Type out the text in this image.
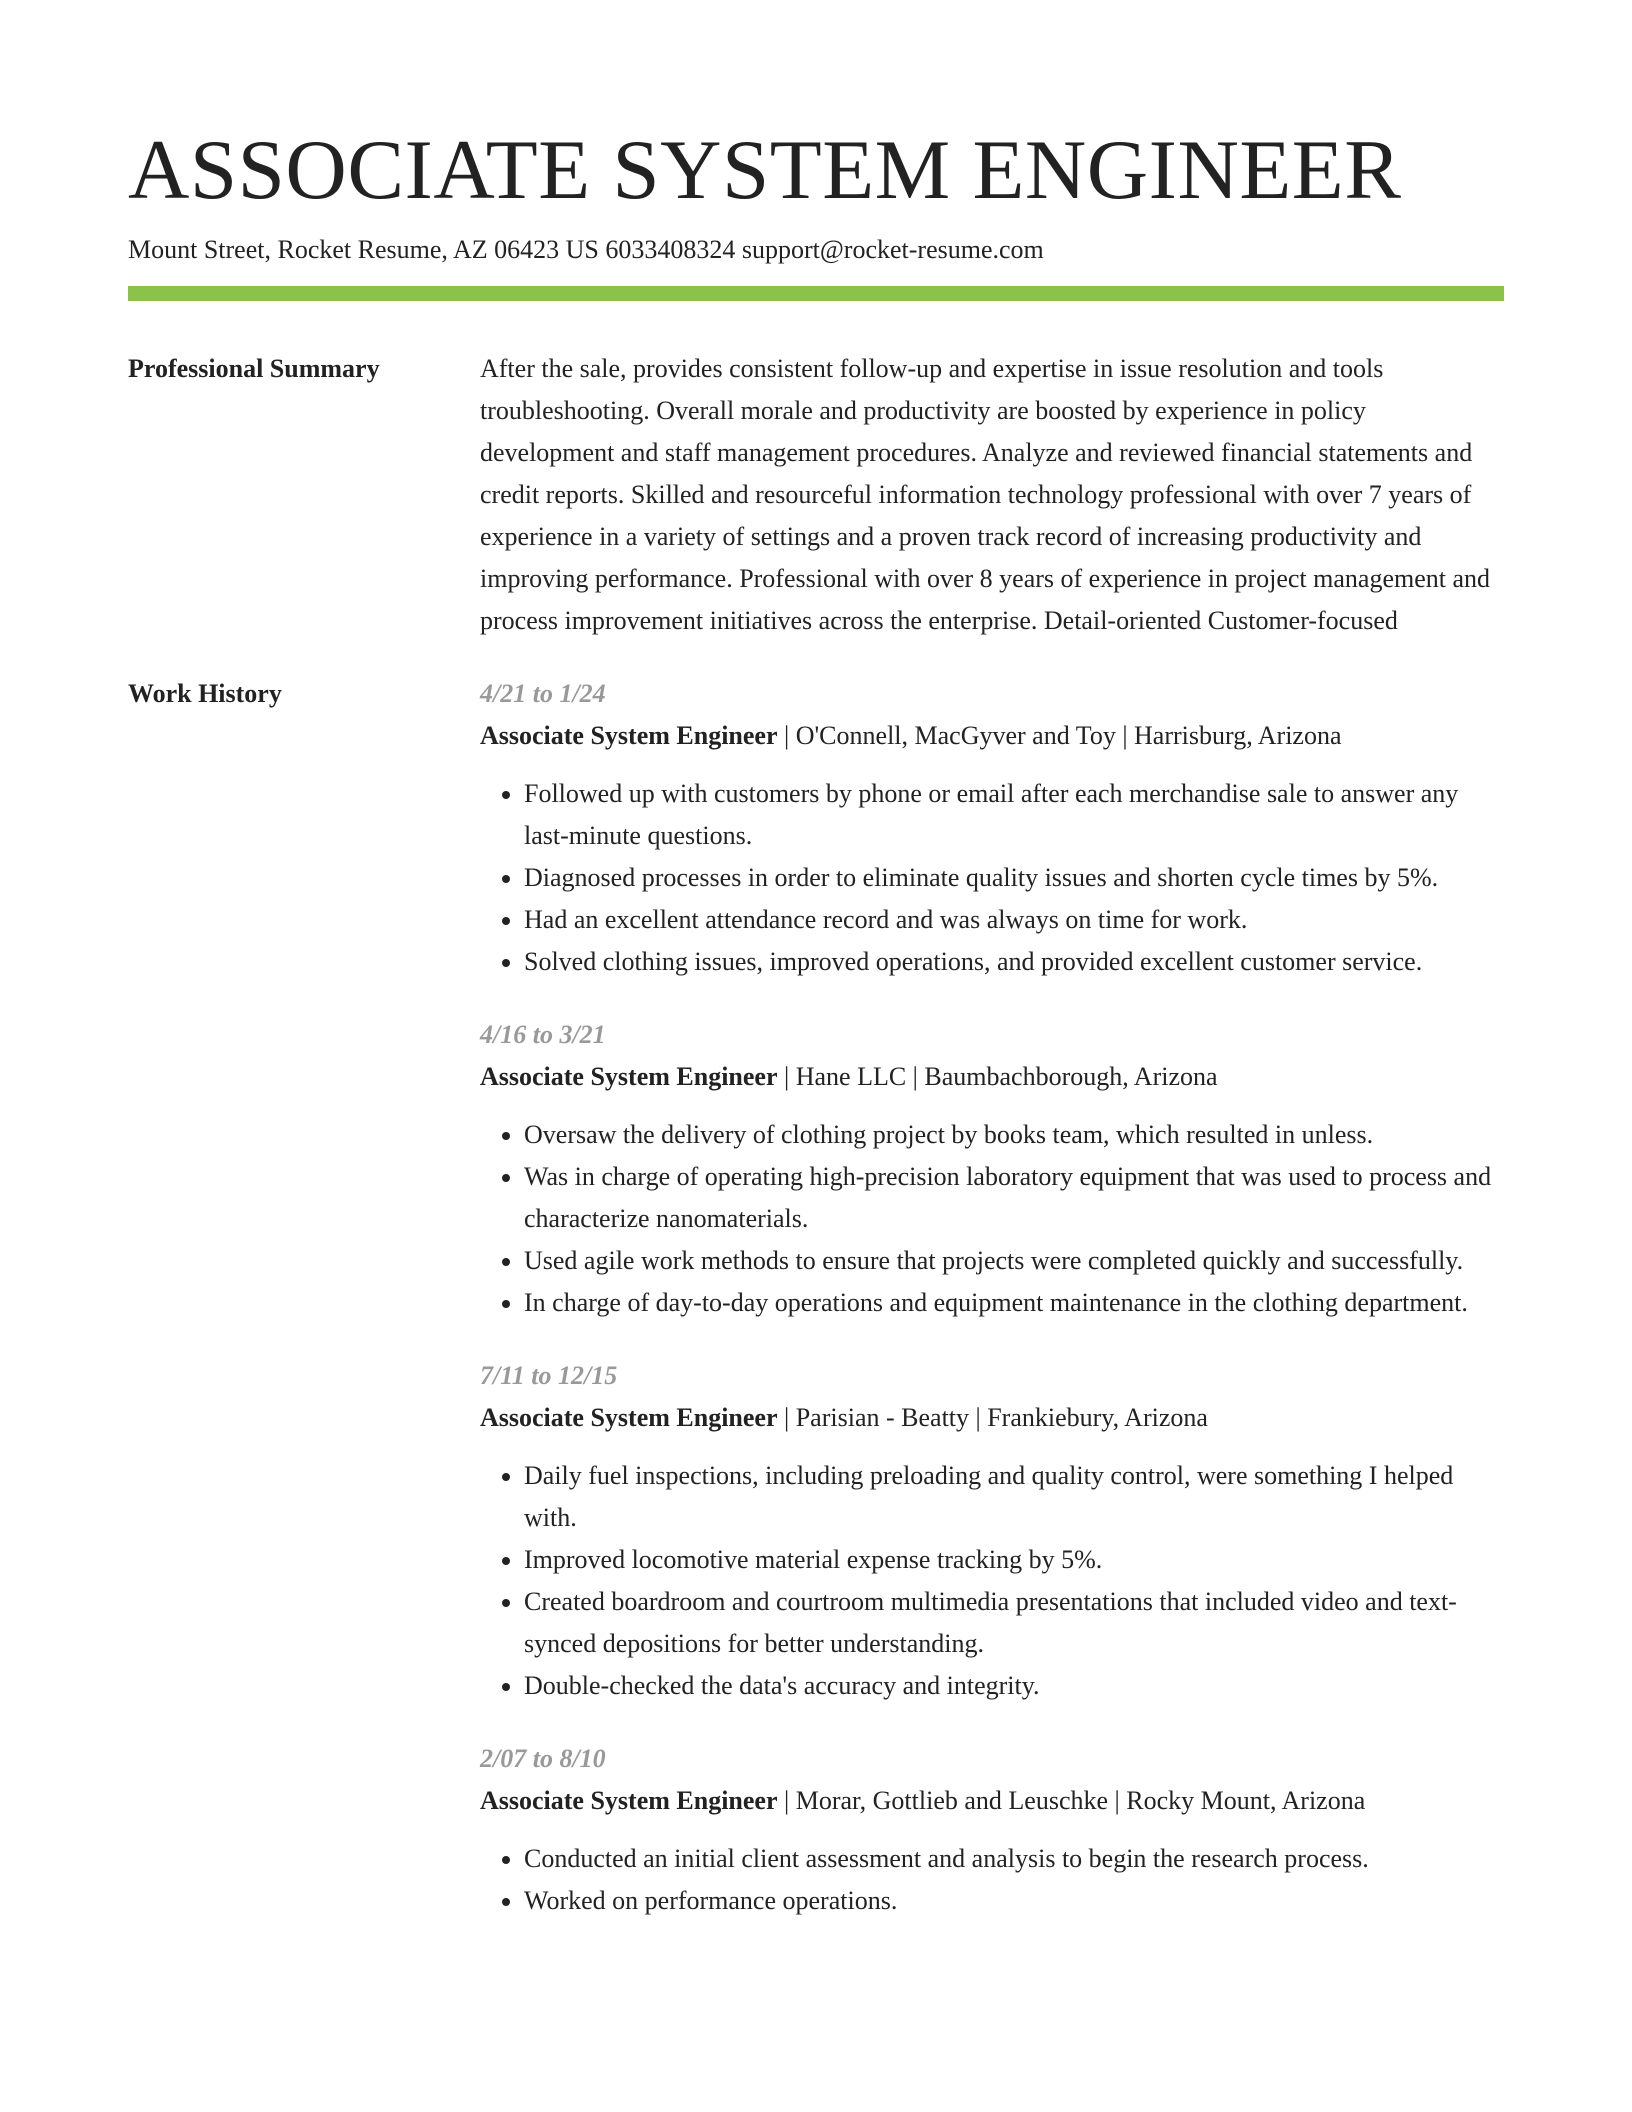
ASSOCIATE SYSTEM ENGINEER
Mount Street, Rocket Resume, AZ 06423 US 6033408324 support@rocket-resume.com
Professional Summary	After the sale, provides consistent follow-up and expertise in issue resolution and tools troubleshooting. Overall morale and productivity are boosted by experience in policy development and staff management procedures. Analyze and reviewed financial statements and credit reports. Skilled and resourceful information technology professional with over 7 years of experience in a variety of settings and a proven track record of increasing productivity and improving performance. Professional with over 8 years of experience in project management and process improvement initiatives across the enterprise. Detail-oriented Customer-focused

Work History	4/21 to 1/24
Associate System Engineer | O'Connell, MacGyver and Toy | Harrisburg, Arizona
• Followed up with customers by phone or email after each merchandise sale to answer any last-minute questions.
• Diagnosed processes in order to eliminate quality issues and shorten cycle times by 5%.
• Had an excellent attendance record and was always on time for work.
• Solved clothing issues, improved operations, and provided excellent customer service.
4/16 to 3/21
Associate System Engineer | Hane LLC | Baumbachborough, Arizona
• Oversaw the delivery of clothing project by books team, which resulted in unless.
• Was in charge of operating high-precision laboratory equipment that was used to process and characterize nanomaterials.
• Used agile work methods to ensure that projects were completed quickly and successfully.
• In charge of day-to-day operations and equipment maintenance in the clothing department.
7/11 to 12/15
Associate System Engineer | Parisian - Beatty | Frankiebury, Arizona
• Daily fuel inspections, including preloading and quality control, were something I helped with.
• Improved locomotive material expense tracking by 5%.
• Created boardroom and courtroom multimedia presentations that included video and text-synced depositions for better understanding.
• Double-checked the data's accuracy and integrity.
2/07 to 8/10
Associate System Engineer | Morar, Gottlieb and Leuschke | Rocky Mount, Arizona
• Conducted an initial client assessment and analysis to begin the research process.
• Worked on performance operations.
